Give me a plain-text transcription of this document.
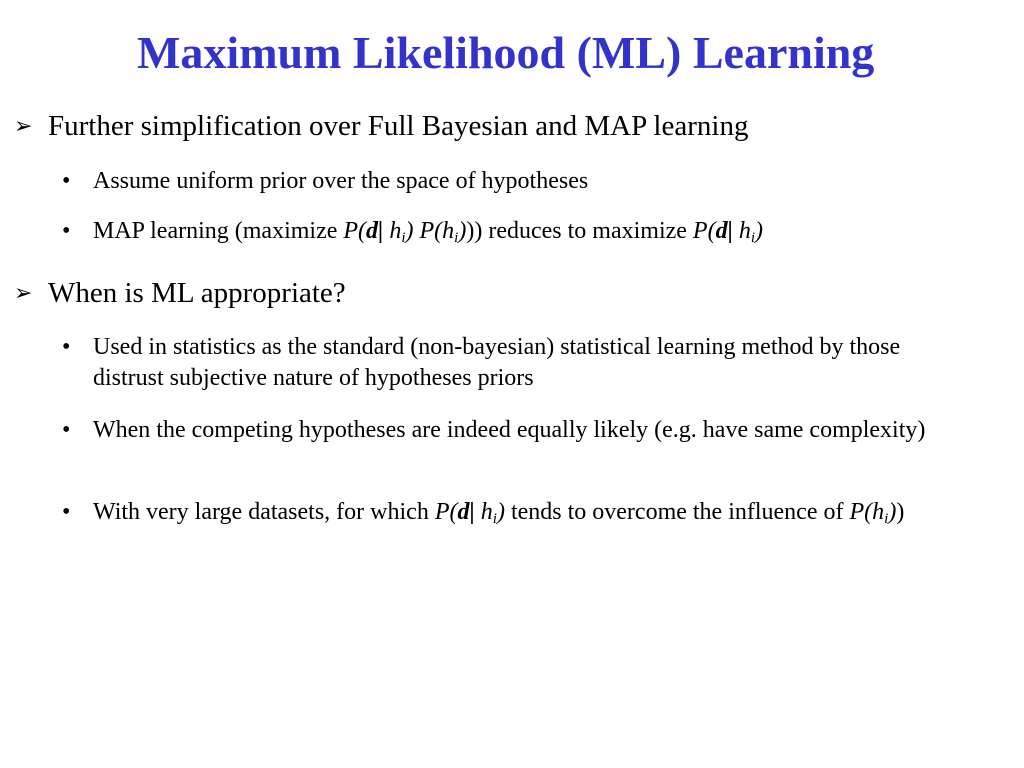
Maximum Likelihood (ML) Learning
➢ Further simplification over Full Bayesian and MAP learning
• Assume uniform prior over the space of hypotheses
• MAP learning (maximize P(d| $h_i$) $P(h_i)$)) reduces to maximize P(d| $h_i$)
➢ When is ML appropriate?
• Used in statistics as the standard (non-bayesian) statistical learning method by those distrust subjective nature of hypotheses priors
• When the competing hypotheses are indeed equally likely (e.g. have same complexity)
• With very large datasets, for which P(d| $h_i$) tends to overcome the influence of $P(h_i)$)
